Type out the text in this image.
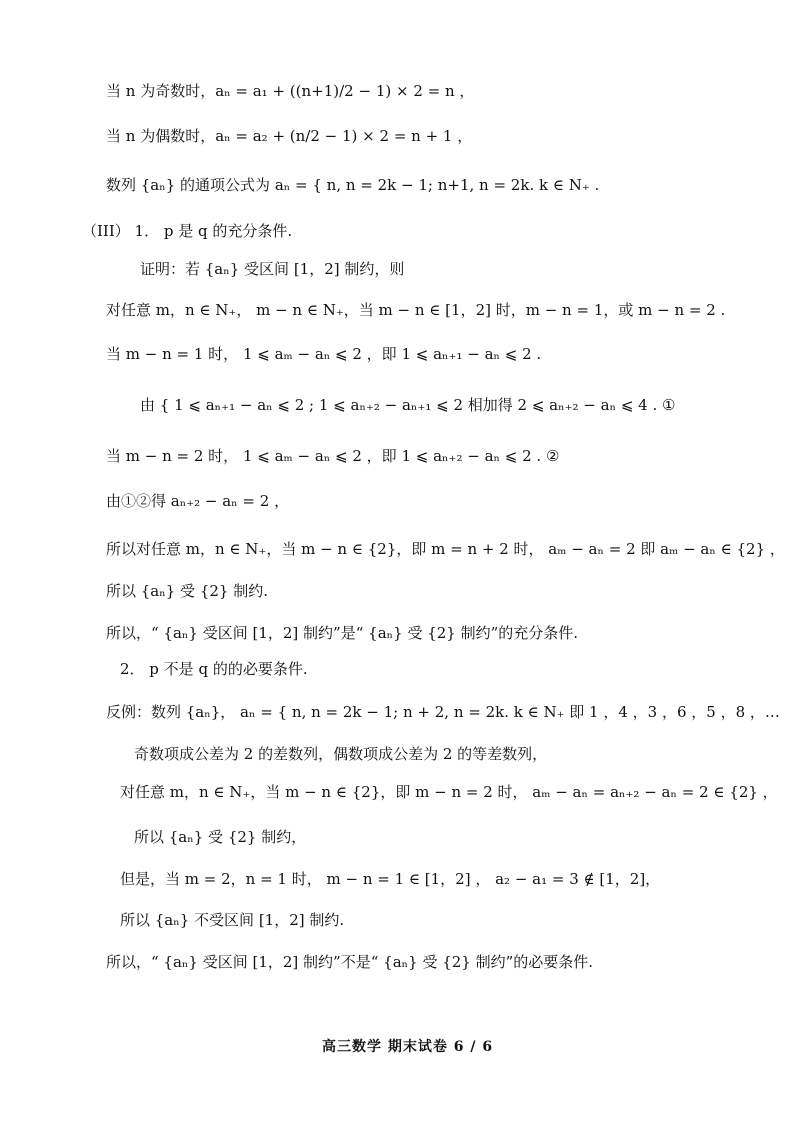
当 n 为奇数时，aₙ = a₁ + ((n+1)/2 − 1) × 2 = n ，
当 n 为偶数时，aₙ = a₂ + (n/2 − 1) × 2 = n + 1 ，
数列 {aₙ} 的通项公式为 aₙ = { n, n = 2k − 1; n+1, n = 2k. k ∈ N₊ .
（III） 1． p 是 q 的充分条件.
证明：若 {aₙ} 受区间 [1，2] 制约，则
对任意 m，n ∈ N₊， m − n ∈ N₊，当 m − n ∈ [1，2] 时，m − n = 1，或 m − n = 2 .
当 m − n = 1 时， 1 ⩽ aₘ − aₙ ⩽ 2 ，即 1 ⩽ aₙ₊₁ − aₙ ⩽ 2 .
由 { 1 ⩽ aₙ₊₁ − aₙ ⩽ 2 ; 1 ⩽ aₙ₊₂ − aₙ₊₁ ⩽ 2 相加得 2 ⩽ aₙ₊₂ − aₙ ⩽ 4 . ①
当 m − n = 2 时， 1 ⩽ aₘ − aₙ ⩽ 2 ，即 1 ⩽ aₙ₊₂ − aₙ ⩽ 2 . ②
由①②得 aₙ₊₂ − aₙ = 2 ，
所以对任意 m，n ∈ N₊，当 m − n ∈ {2}，即 m = n + 2 时， aₘ − aₙ = 2 即 aₘ − aₙ ∈ {2} ，
所以 {aₙ} 受 {2} 制约.
所以，“ {aₙ} 受区间 [1，2] 制约”是“ {aₙ} 受 {2} 制约”的充分条件.
2． p 不是 q 的的必要条件.
反例：数列 {aₙ}， aₙ = { n, n = 2k − 1; n + 2, n = 2k. k ∈ N₊ 即 1 ，4 ，3 ，6 ，5 ，8 ，…
奇数项成公差为 2 的差数列，偶数项成公差为 2 的等差数列，
对任意 m，n ∈ N₊，当 m − n ∈ {2}，即 m − n = 2 时， aₘ − aₙ = aₙ₊₂ − aₙ = 2 ∈ {2} ，
所以 {aₙ} 受 {2} 制约，
但是，当 m = 2，n = 1 时， m − n = 1 ∈ [1，2] ， a₂ − a₁ = 3 ∉ [1，2]，
所以 {aₙ} 不受区间 [1，2] 制约.
所以，“ {aₙ} 受区间 [1，2] 制约”不是“ {aₙ} 受 {2} 制约”的必要条件.
高三数学 期末试卷 6 / 6
